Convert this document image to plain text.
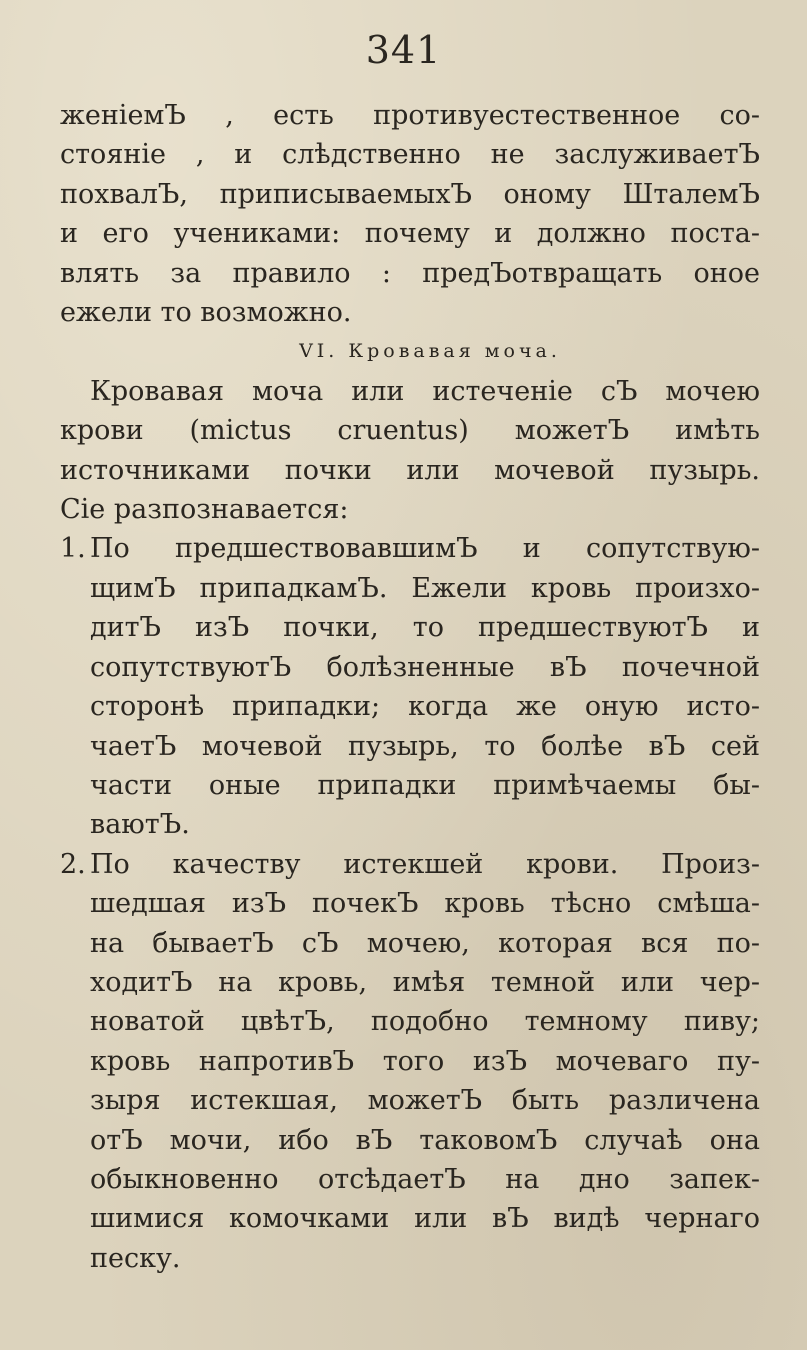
341
женіемЪ , есть противуестественное со-
стояніе , и слѣдственно не заслуживаетЪ
похвалЪ, приписываемыхЪ оному ШталемЪ
и его учениками: почему и должно поста-
влять за правило : предЪотвращать оное
ежели то возможно.
VI. Кровавая моча.
Кровавая моча или истеченіе сЪ мочею
крови (mictus cruentus) можетЪ имѣть
источниками почки или мочевой пузырь.
Сіе разпознавается:
1. По предшествовавшимЪ и сопутствую-
щимЪ припадкамЪ. Ежели кровь произхо-
дитЪ изЪ почки, то предшествуютЪ и
сопутствуютЪ болѣзненные вЪ почечной
сторонѣ припадки; когда же оную исто-
чаетЪ мочевой пузырь, то болѣе вЪ сей
части оные припадки примѣчаемы бы-
ваютЪ.
2. По качеству истекшей крови. Произ-
шедшая изЪ почекЪ кровь тѣсно смѣша-
на бываетЪ сЪ мочею, которая вся по-
ходитЪ на кровь, имѣя темной или чер-
новатой цвѣтЪ, подобно темному пиву;
кровь напротивЪ того изЪ мочеваго пу-
зыря истекшая, можетЪ быть различена
отЪ мочи, ибо вЪ таковомЪ случаѣ она
обыкновенно отсѣдаетЪ на дно запек-
шимися комочками или вЪ видѣ чернаго
песку.
